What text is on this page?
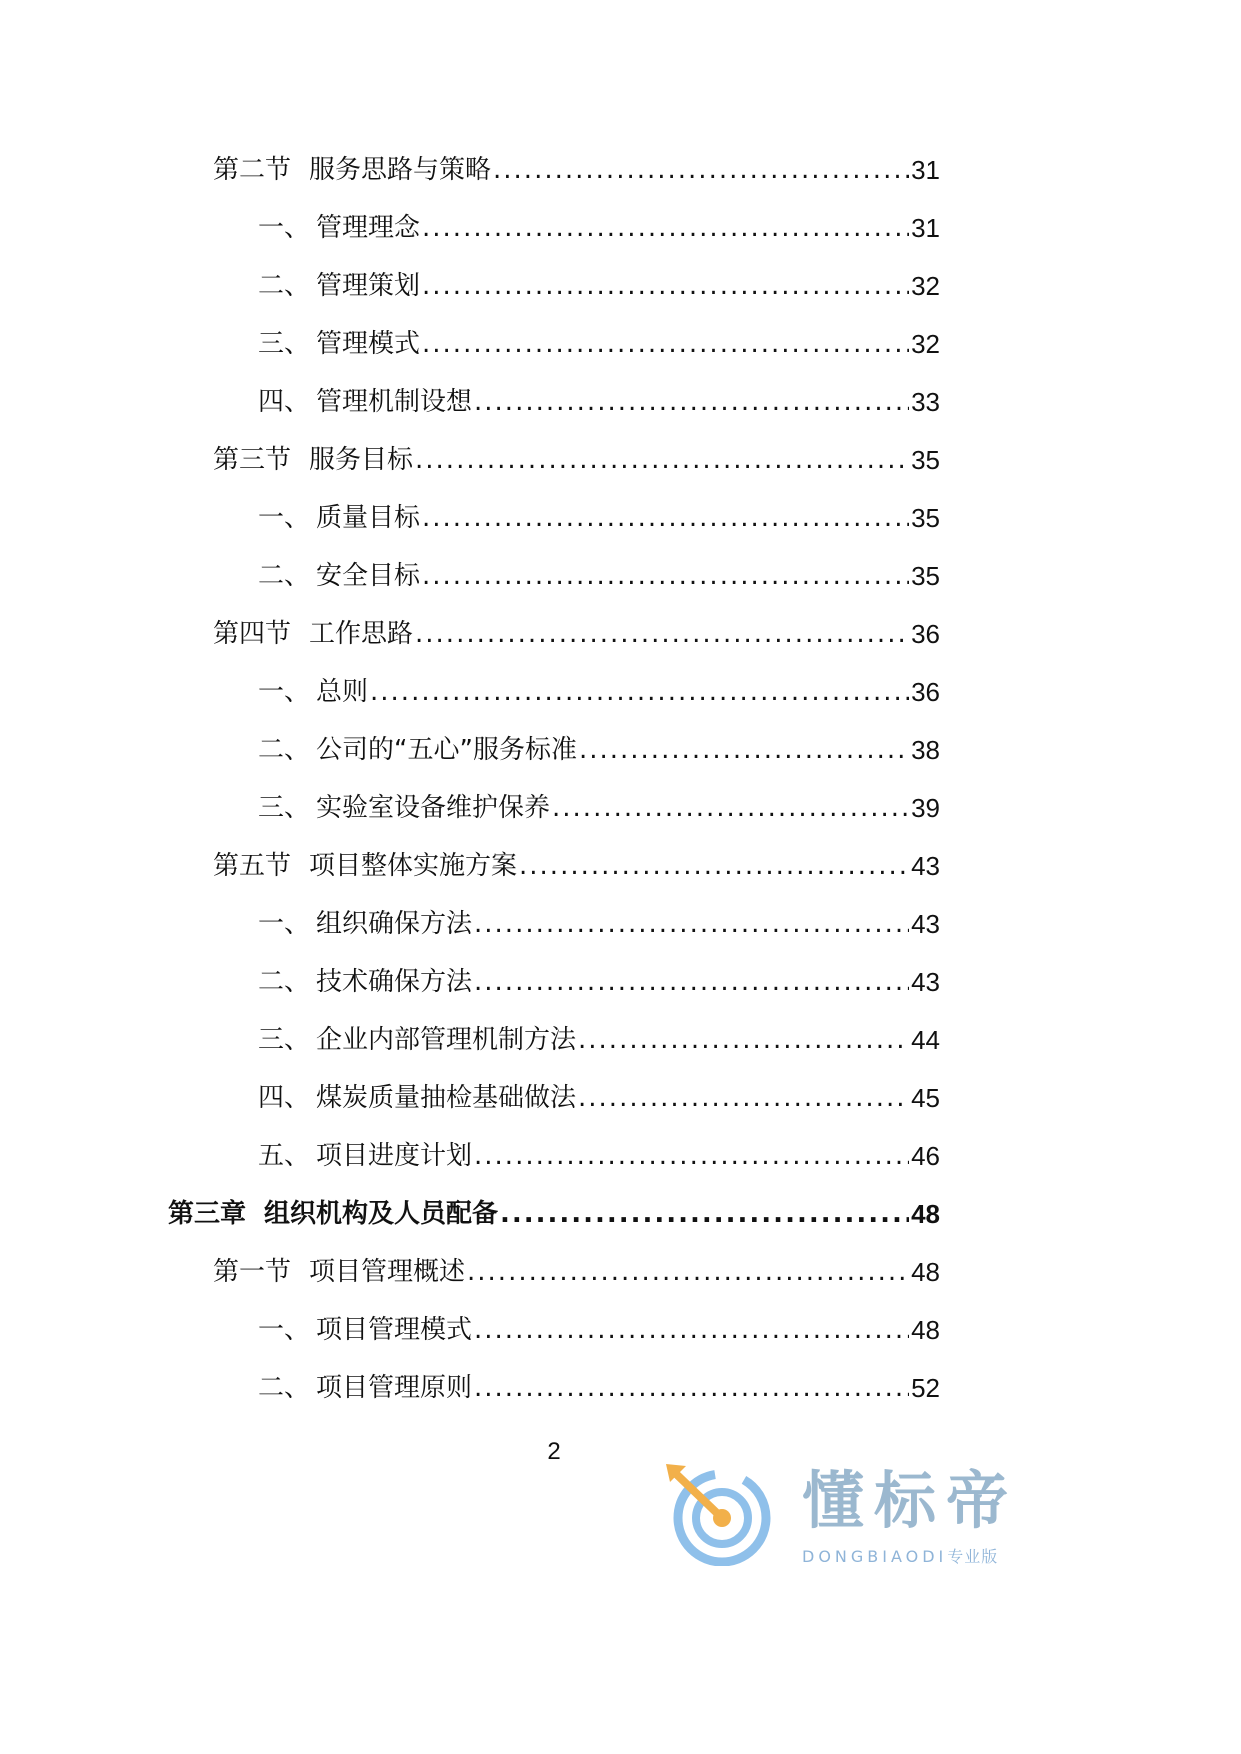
第二节 服务思路与策略 .....	31
一、 管理理念 .....	31
二、 管理策划 .....	32
三、 管理模式 .....	32
四、 管理机制设想 .....	33
第三节 服务目标 .....	35
一、 质量目标 .....	35
二、 安全目标 .....	35
第四节 工作思路 .....	36
一、 总则 .....	36
二、 公司的“五心”服务标准 .....	38
三、 实验室设备维护保养 .....	39
第五节 项目整体实施方案 .....	43
一、 组织确保方法 .....	43
二、 技术确保方法 .....	43
三、 企业内部管理机制方法 .....	44
四、 煤炭质量抽检基础做法 .....	45
五、 项目进度计划 .....	46
第三章 组织机构及人员配备 .....	48
第一节 项目管理概述 .....	48
一、 项目管理模式 .....	48
二、 项目管理原则 .....	52
2
懂标帝
DONGBIAODI专业版
